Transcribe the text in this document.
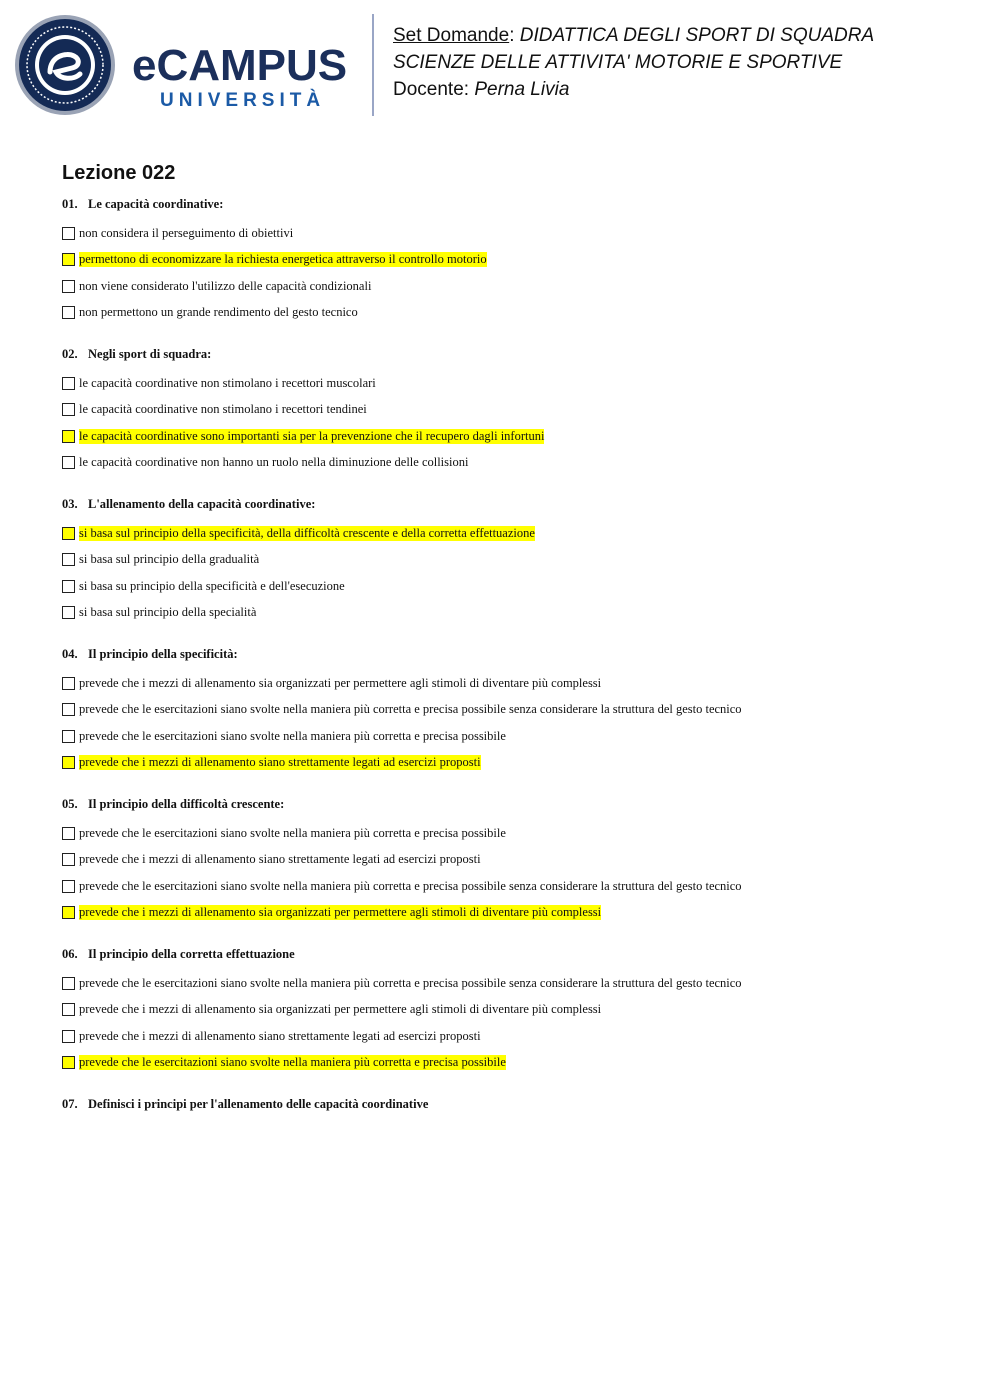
eCAMPUS
UNIVERSITÀ
Set Domande: DIDATTICA DEGLI SPORT DI SQUADRA
SCIENZE DELLE ATTIVITA' MOTORIE E SPORTIVE
Docente: Perna Livia
Lezione 022
01. Le capacità coordinative:
non considera il perseguimento di obiettivi
permettono di economizzare la richiesta energetica attraverso il controllo motorio
non viene considerato l'utilizzo delle capacità condizionali
non permettono un grande rendimento del gesto tecnico
02. Negli sport di squadra:
le capacità coordinative non stimolano i recettori muscolari
le capacità coordinative non stimolano i recettori tendinei
le capacità coordinative sono importanti sia per la prevenzione che il recupero dagli infortuni
le capacità coordinative non hanno un ruolo nella diminuzione delle collisioni
03. L'allenamento della capacità coordinative:
si basa sul principio della specificità, della difficoltà crescente e della corretta effettuazione
si basa sul principio della gradualità
si basa su principio della specificità e dell'esecuzione
si basa sul principio della specialità
04. Il principio della specificità:
prevede che i mezzi di allenamento sia organizzati per permettere agli stimoli di diventare più complessi
prevede che le esercitazioni siano svolte nella maniera più corretta e precisa possibile senza considerare la struttura del gesto tecnico
prevede che le esercitazioni siano svolte nella maniera più corretta e precisa possibile
prevede che i mezzi di allenamento siano strettamente legati ad esercizi proposti
05. Il principio della difficoltà crescente:
prevede che le esercitazioni siano svolte nella maniera più corretta e precisa possibile
prevede che i mezzi di allenamento siano strettamente legati ad esercizi proposti
prevede che le esercitazioni siano svolte nella maniera più corretta e precisa possibile senza considerare la struttura del gesto tecnico
prevede che i mezzi di allenamento sia organizzati per permettere agli stimoli di diventare più complessi
06. Il principio della corretta effettuazione
prevede che le esercitazioni siano svolte nella maniera più corretta e precisa possibile senza considerare la struttura del gesto tecnico
prevede che i mezzi di allenamento sia organizzati per permettere agli stimoli di diventare più complessi
prevede che i mezzi di allenamento siano strettamente legati ad esercizi proposti
prevede che le esercitazioni siano svolte nella maniera più corretta e precisa possibile
07. Definisci i principi per l'allenamento delle capacità coordinative
